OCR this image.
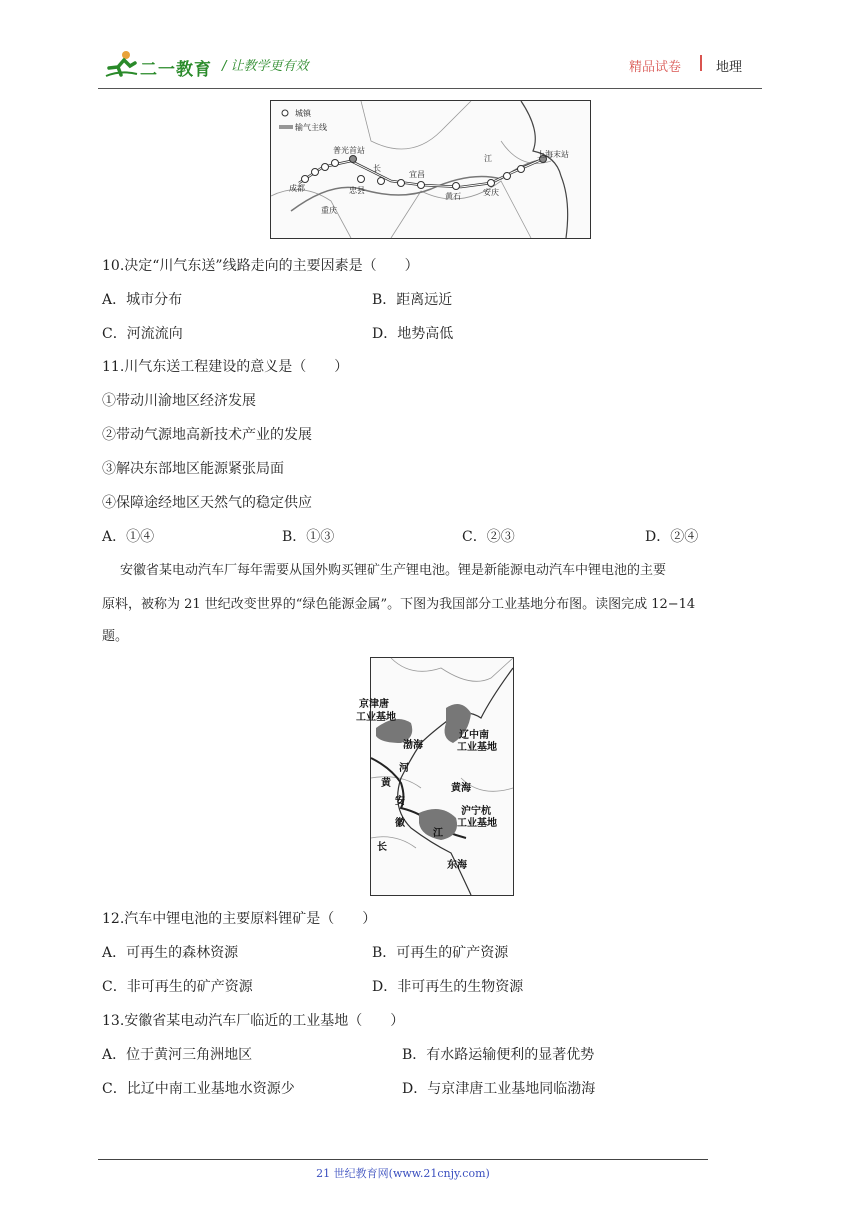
二一教育 / 让教学更有效	精品试卷	地理
城镇
输气主线
成都
普光首站
长
忠县
重庆
宜昌
黄石	安庆
江	上海末站
10.决定“川气东送”线路走向的主要因素是（　　）
A．城市分布	B．距离远近
C．河流流向	D．地势高低
11.川气东送工程建设的意义是（　　）
①带动川渝地区经济发展
②带动气源地高新技术产业的发展
③解决东部地区能源紧张局面
④保障途经地区天然气的稳定供应
A．①④	B．①③	C．②③	D．②④
安徽省某电动汽车厂每年需要从国外购买锂矿生产锂电池。锂是新能源电动汽车中锂电池的主要
原料，被称为 21 世纪改变世界的“绿色能源金属”。下图为我国部分工业基地分布图。读图完成 12−14
题。
京津唐
工业基地
辽中南
工业基地
渤海
河
黄	黄海
安
徽
沪宁杭
工业基地
江
长
东海
12.汽车中锂电池的主要原料锂矿是（　　）
A．可再生的森林资源	B．可再生的矿产资源
C．非可再生的矿产资源	D．非可再生的生物资源
13.安徽省某电动汽车厂临近的工业基地（　　）
A．位于黄河三角洲地区	B．有水路运输便利的显著优势
C．比辽中南工业基地水资源少	D．与京津唐工业基地同临渤海
21 世纪教育网(www.21cnjy.com)
